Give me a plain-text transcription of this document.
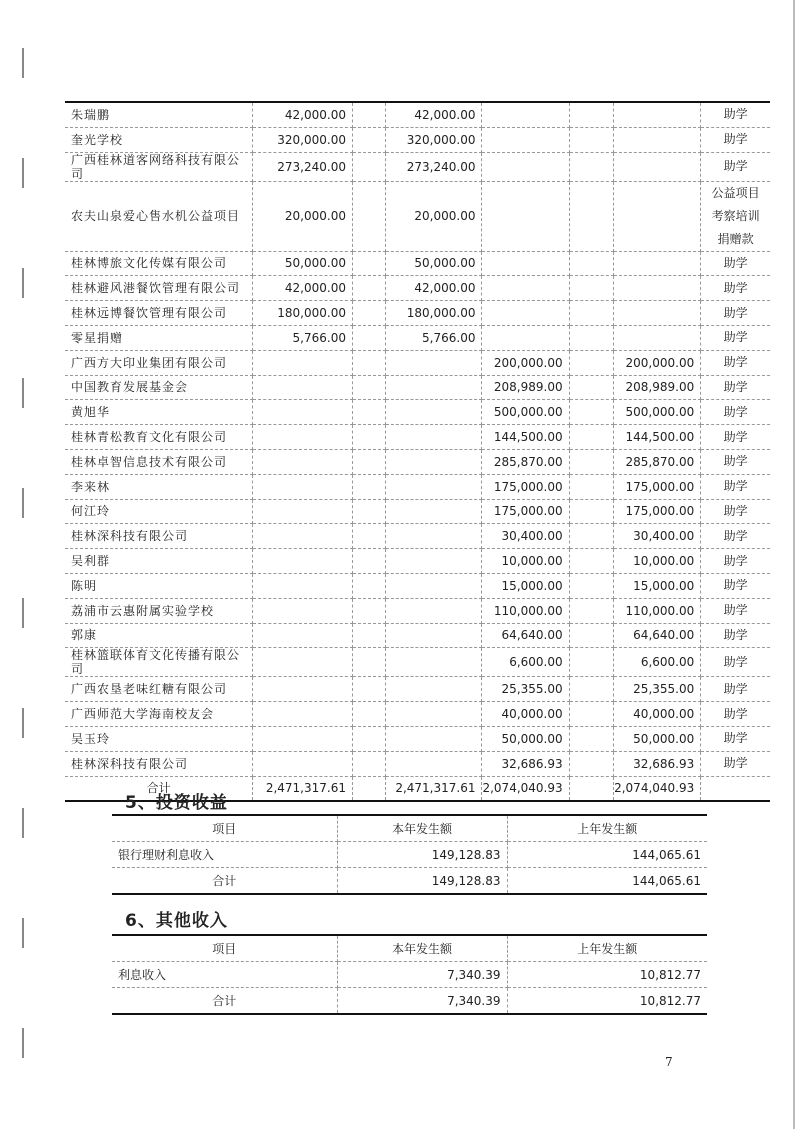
朱瑞鹏	42,000.00		42,000.00				助学
奎光学校	320,000.00		320,000.00				助学
广西桂林道客网络科技有限公司	273,240.00		273,240.00				助学
农夫山泉爱心售水机公益项目	20,000.00		20,000.00				公益项目
考察培训
捐赠款

桂林博旅文化传媒有限公司	50,000.00		50,000.00				助学
桂林避风港餐饮管理有限公司	42,000.00		42,000.00				助学
桂林远博餐饮管理有限公司	180,000.00		180,000.00				助学
零星捐赠	5,766.00		5,766.00				助学
广西方大印业集团有限公司				200,000.00		200,000.00	助学
中国教育发展基金会				208,989.00		208,989.00	助学
黄旭华				500,000.00		500,000.00	助学
桂林青松教育文化有限公司				144,500.00		144,500.00	助学
桂林卓智信息技术有限公司				285,870.00		285,870.00	助学
李来林				175,000.00		175,000.00	助学
何江玲				175,000.00		175,000.00	助学
桂林深科技有限公司				30,400.00		30,400.00	助学
吴利群				10,000.00		10,000.00	助学
陈明				15,000.00		15,000.00	助学
荔浦市云惠附属实验学校				110,000.00		110,000.00	助学
郭康				64,640.00		64,640.00	助学
桂林篮联体育文化传播有限公司				6,600.00		6,600.00	助学
广西农垦老味红糖有限公司				25,355.00		25,355.00	助学
广西师范大学海南校友会				40,000.00		40,000.00	助学
吴玉玲				50,000.00		50,000.00	助学
桂林深科技有限公司				32,686.93		32,686.93	助学
合计	2,471,317.61		2,471,317.61	2,074,040.93		2,074,040.93	
5、投资收益
项目	本年发生额	上年发生额
银行理财利息收入	149,128.83	144,065.61
合计	149,128.83	144,065.61
6、其他收入
项目	本年发生额	上年发生额
利息收入	7,340.39	10,812.77
合计	7,340.39	10,812.77
7
